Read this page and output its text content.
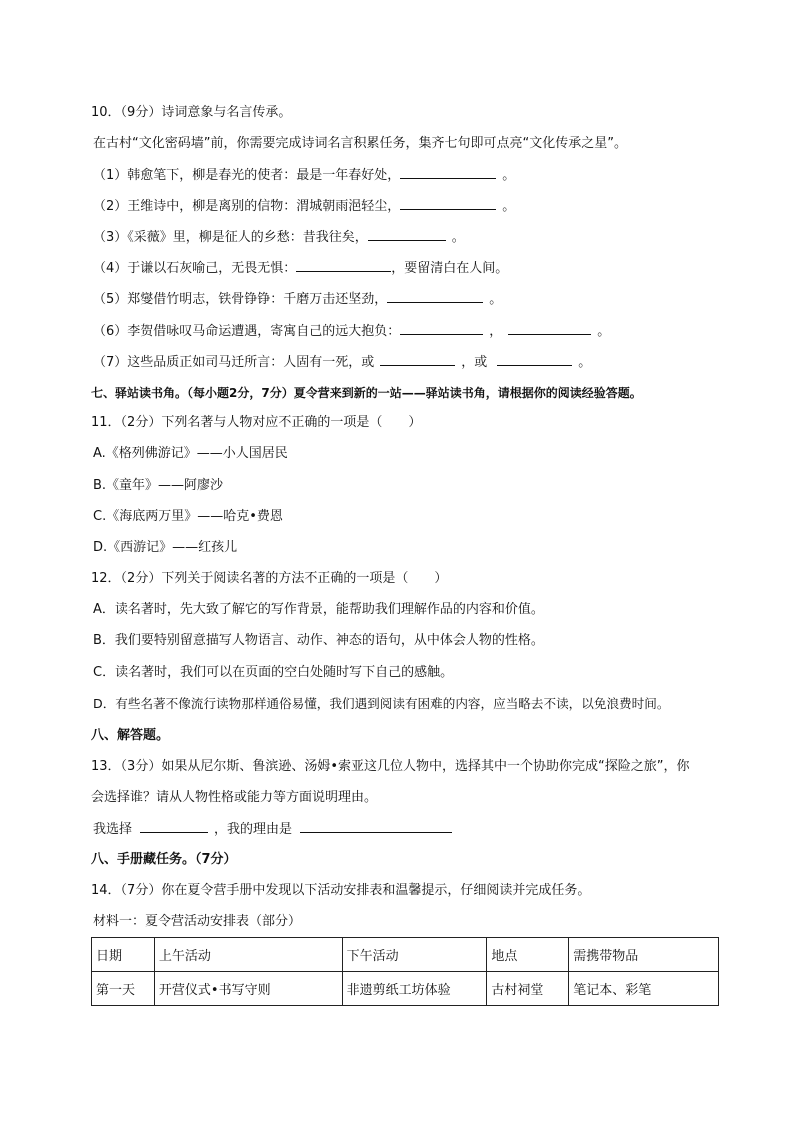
10．（9分）诗词意象与名言传承。
在古村“文化密码墙”前，你需要完成诗词名言积累任务，集齐七句即可点亮“文化传承之星”。
（1）韩愈笔下，柳是春光的使者：最是一年春好处，	。
（2）王维诗中，柳是离别的信物：渭城朝雨浥轻尘，	。
（3）《采薇》里，柳是征人的乡愁：昔我往矣，	。
（4）于谦以石灰喻己，无畏无惧：	，要留清白在人间。
（5）郑燮借竹明志，铁骨铮铮：千磨万击还坚劲，	。
（6）李贺借咏叹马命运遭遇，寄寓自己的远大抱负：	，	。
（7）这些品质正如司马迁所言：人固有一死，或	，或	。
七、驿站读书角。（每小题2分，7分）夏令营来到新的一站——驿站读书角，请根据你的阅读经验答题。
11．（2分）下列名著与人物对应不正确的一项是（　　）
A.《格列佛游记》——小人国居民
B.《童年》——阿廖沙
C.《海底两万里》——哈克•费恩
D.《西游记》——红孩儿
12．（2分）下列关于阅读名著的方法不正确的一项是（　　）
A．读名著时，先大致了解它的写作背景，能帮助我们理解作品的内容和价值。
B．我们要特别留意描写人物语言、动作、神态的语句，从中体会人物的性格。
C．读名著时，我们可以在页面的空白处随时写下自己的感触。
D．有些名著不像流行读物那样通俗易懂，我们遇到阅读有困难的内容，应当略去不读，以免浪费时间。
八、解答题。
13．（3分）如果从尼尔斯、鲁滨逊、汤姆•索亚这几位人物中，选择其中一个协助你完成“探险之旅”，你
会选择谁？请从人物性格或能力等方面说明理由。
我选择	，我的理由是
八、手册藏任务。（7分）
14．（7分）你在夏令营手册中发现以下活动安排表和温馨提示，仔细阅读并完成任务。
材料一：夏令营活动安排表（部分）
日期	上午活动	下午活动	地点	需携带物品
第一天	开营仪式•书写守则	非遗剪纸工坊体验	古村祠堂	笔记本、彩笔
